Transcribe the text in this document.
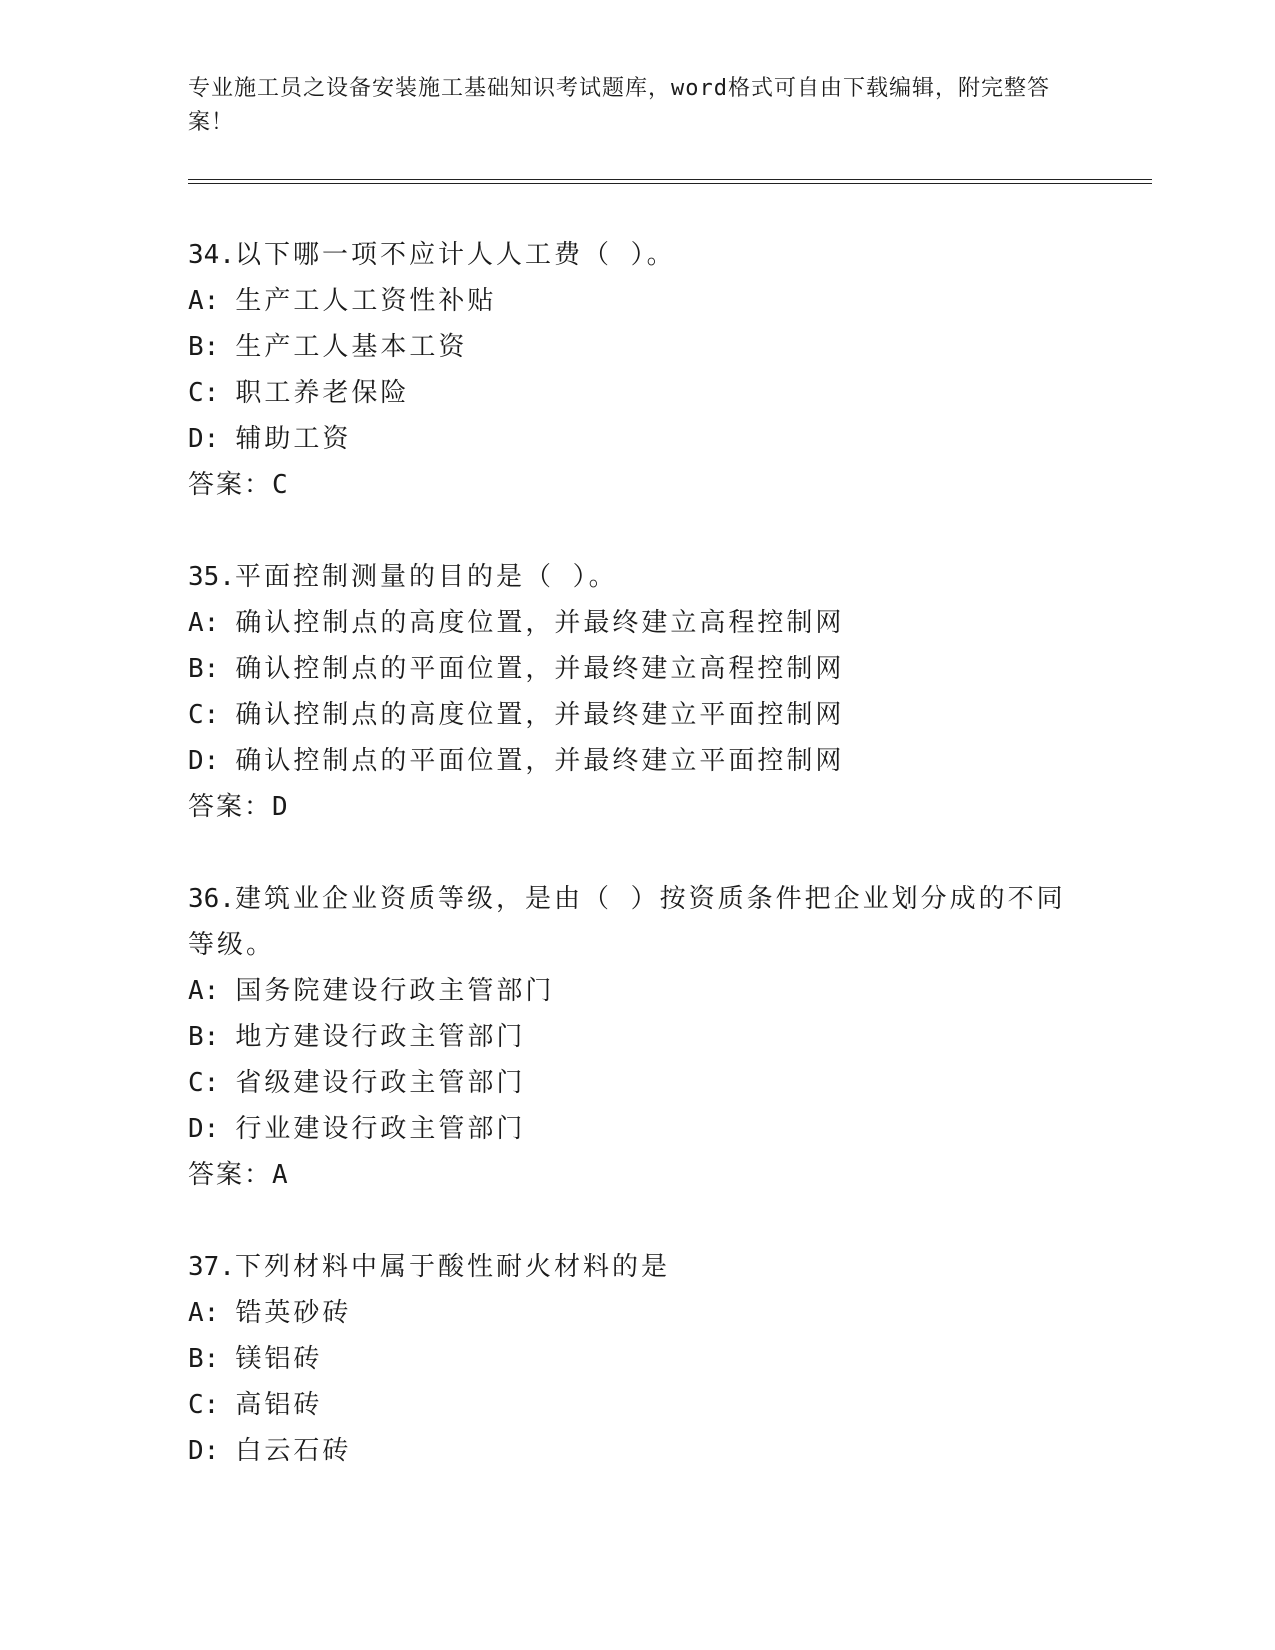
专业施工员之设备安装施工基础知识考试题库，word格式可自由下载编辑，附完整答案！
34.以下哪一项不应计人人工费（ ）。
A: 生产工人工资性补贴
B: 生产工人基本工资
C: 职工养老保险
D: 辅助工资
答案：C
35.平面控制测量的目的是（ ）。
A: 确认控制点的高度位置，并最终建立高程控制网
B: 确认控制点的平面位置，并最终建立高程控制网
C: 确认控制点的高度位置，并最终建立平面控制网
D: 确认控制点的平面位置，并最终建立平面控制网
答案：D
36.建筑业企业资质等级，是由（ ）按资质条件把企业划分成的不同等级。
A: 国务院建设行政主管部门
B: 地方建设行政主管部门
C: 省级建设行政主管部门
D: 行业建设行政主管部门
答案：A
37.下列材料中属于酸性耐火材料的是
A: 锆英砂砖
B: 镁铝砖
C: 高铝砖
D: 白云石砖
